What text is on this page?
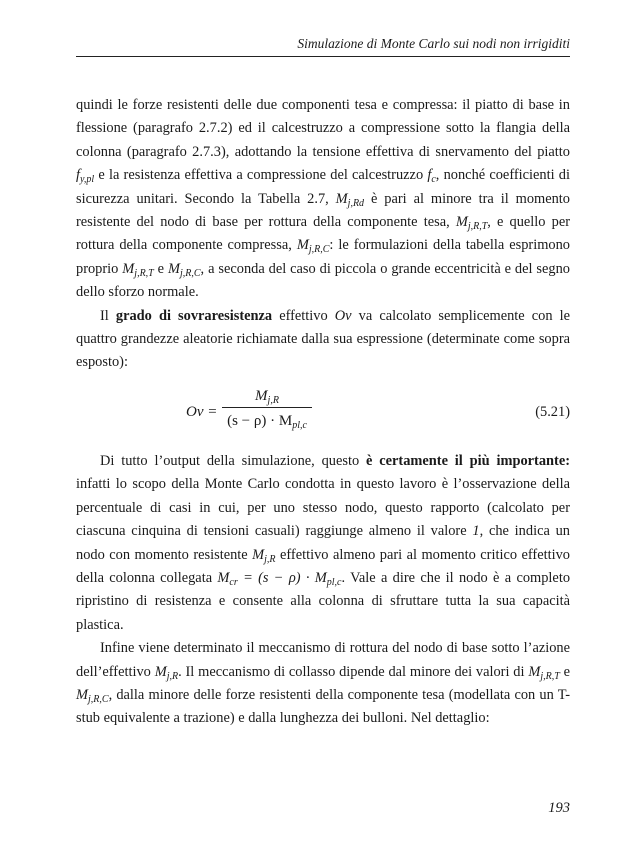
Simulazione di Monte Carlo sui nodi non irrigiditi

quindi le forze resistenti delle due componenti tesa e compressa: il piatto di base in flessione (paragrafo 2.7.2) ed il calcestruzzo a compressione sotto la flangia della colonna (paragrafo 2.7.3), adottando la tensione effettiva di snervamento del piatto $f_{y,pl}$ e la resistenza effettiva a compressione del calcestruzzo $f_c$, nonché coefficienti di sicurezza unitari. Secondo la Tabella 2.7, $M_{j,Rd}$ è pari al minore tra il momento resistente del nodo di base per rottura della componente tesa, $M_{j,R,T}$, e quello per rottura della componente compressa, $M_{j,R,C}$: le formulazioni della tabella esprimono proprio $M_{j,R,T}$ e $M_{j,R,C}$, a seconda del caso di piccola o grande eccentricità e del segno dello sforzo normale.

Il grado di sovraresistenza effettivo Ov va calcolato semplicemente con le quattro grandezze aleatorie richiamate dalla sua espressione (determinate come sopra esposto):

Ov =
$M_{j,R}$
$(s - \rho) \cdot M_{pl,c}$
(5.21)

Di tutto l’output della simulazione, questo è certamente il più importante: infatti lo scopo della Monte Carlo condotta in questo lavoro è l’osservazione della percentuale di casi in cui, per uno stesso nodo, questo rapporto (calcolato per ciascuna cinquina di tensioni casuali) raggiunge almeno il valore 1, che indica un nodo con momento resistente $M_{j,R}$ effettivo almeno pari al momento critico effettivo della colonna collegata $M_{cr} = (s - \rho) \cdot M_{pl,c}$. Vale a dire che il nodo è a completo ripristino di resistenza e consente alla colonna di sfruttare tutta la sua capacità plastica.

Infine viene determinato il meccanismo di rottura del nodo di base sotto l’azione dell’effettivo $M_{j,R}$. Il meccanismo di collasso dipende dal minore dei valori di $M_{j,R,T}$ e $M_{j,R,C}$, dalla minore delle forze resistenti della componente tesa (modellata con un T-stub equivalente a trazione) e dalla lunghezza dei bulloni. Nel dettaglio:

193
